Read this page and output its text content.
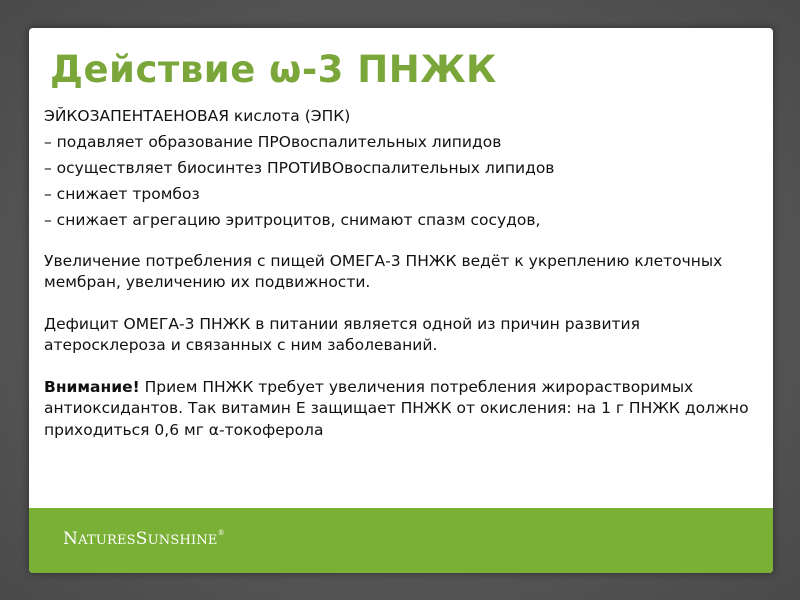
Действие ω-3 ПНЖК

ЭЙКОЗАПЕНТАЕНОВАЯ кислота (ЭПК)

– подавляет образование ПРОвоспалительных липидов

– осуществляет биосинтез ПРОТИВОвоспалительных липидов

– снижает тромбоз

– снижает агрегацию эритроцитов, снимают спазм сосудов,

Увеличение потребления с пищей ОМЕГА-3 ПНЖК ведёт к укреплению клеточных мембран, увеличению их подвижности.

Дефицит ОМЕГА-3 ПНЖК в питании является одной из причин развития атеросклероза и связанных с ним заболеваний.

Внимание! Прием ПНЖК требует увеличения потребления жирорастворимых антиоксидантов. Так витамин Е защищает ПНЖК от окисления: на 1 г ПНЖК должно приходиться 0,6 мг α-токоферола

NATURESSUNSHINE®
